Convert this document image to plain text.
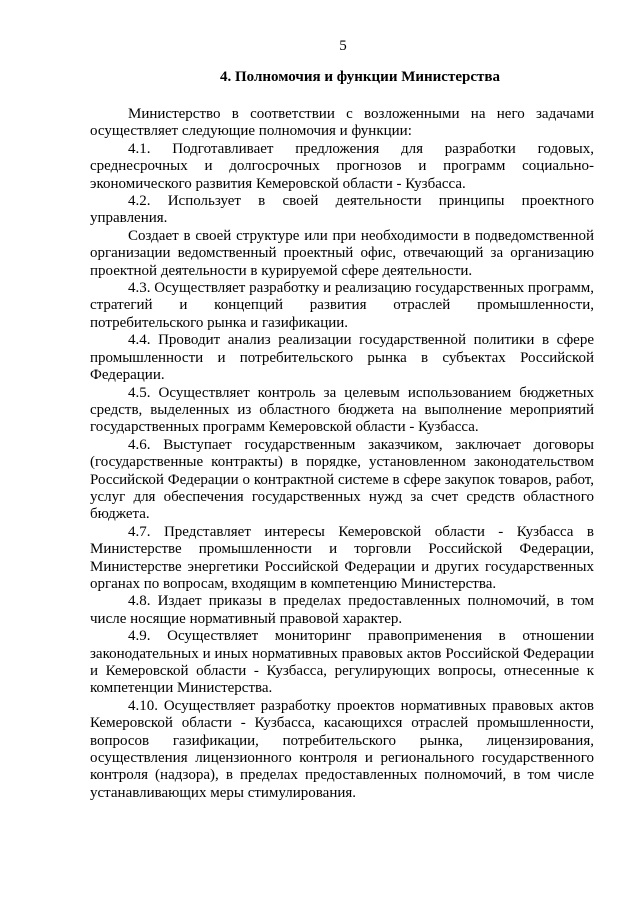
5
4. Полномочия и функции Министерства

Министерство в соответствии с возложенными на него задачами осуществляет следующие полномочия и функции:

4.1. Подготавливает предложения для разработки годовых, среднесрочных и долгосрочных прогнозов и программ социально-экономического развития Кемеровской области - Кузбасса.

4.2. Использует в своей деятельности принципы проектного управления.

Создает в своей структуре или при необходимости в подведомственной организации ведомственный проектный офис, отвечающий за организацию проектной деятельности в курируемой сфере деятельности.

4.3. Осуществляет разработку и реализацию государственных программ, стратегий и концепций развития отраслей промышленности, потребительского рынка и газификации.

4.4. Проводит анализ реализации государственной политики в сфере промышленности и потребительского рынка в субъектах Российской Федерации.

4.5. Осуществляет контроль за целевым использованием бюджетных средств, выделенных из областного бюджета на выполнение мероприятий государственных программ Кемеровской области - Кузбасса.

4.6. Выступает государственным заказчиком, заключает договоры (государственные контракты) в порядке, установленном законодательством Российской Федерации о контрактной системе в сфере закупок товаров, работ, услуг для обеспечения государственных нужд за счет средств областного бюджета.

4.7. Представляет интересы Кемеровской области - Кузбасса в Министерстве промышленности и торговли Российской Федерации, Министерстве энергетики Российской Федерации и других государственных органах по вопросам, входящим в компетенцию Министерства.

4.8. Издает приказы в пределах предоставленных полномочий, в том числе носящие нормативный правовой характер.

4.9. Осуществляет мониторинг правоприменения в отношении законодательных и иных нормативных правовых актов Российской Федерации и Кемеровской области - Кузбасса, регулирующих вопросы, отнесенные к компетенции Министерства.

4.10. Осуществляет разработку проектов нормативных правовых актов Кемеровской области - Кузбасса, касающихся отраслей промышленности, вопросов газификации, потребительского рынка, лицензирования, осуществления лицензионного контроля и регионального государственного контроля (надзора), в пределах предоставленных полномочий, в том числе устанавливающих меры стимулирования.
